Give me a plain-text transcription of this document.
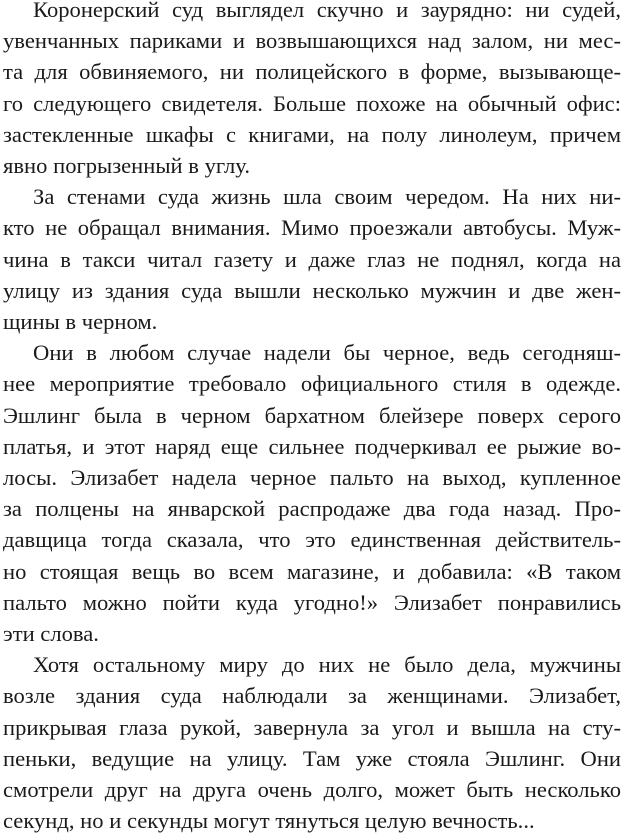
Коронерский суд выглядел скучно и заурядно: ни судей,
увенчанных париками и возвышающихся над залом, ни мес-
та для обвиняемого, ни полицейского в форме, вызывающе-
го следующего свидетеля. Больше похоже на обычный офис:
застекленные шкафы с книгами, на полу линолеум, причем
явно погрызенный в углу.
За стенами суда жизнь шла своим чередом. На них ни-
кто не обращал внимания. Мимо проезжали автобусы. Муж-
чина в такси читал газету и даже глаз не поднял, когда на
улицу из здания суда вышли несколько мужчин и две жен-
щины в черном.
Они в любом случае надели бы черное, ведь сегодняш-
нее мероприятие требовало официального стиля в одежде.
Эшлинг была в черном бархатном блейзере поверх серого
платья, и этот наряд еще сильнее подчеркивал ее рыжие во-
лосы. Элизабет надела черное пальто на выход, купленное
за полцены на январской распродаже два года назад. Про-
давщица тогда сказала, что это единственная действитель-
но стоящая вещь во всем магазине, и добавила: «В таком
пальто можно пойти куда угодно!» Элизабет понравились
эти слова.
Хотя остальному миру до них не было дела, мужчины
возле здания суда наблюдали за женщинами. Элизабет,
прикрывая глаза рукой, завернула за угол и вышла на сту-
пеньки, ведущие на улицу. Там уже стояла Эшлинг. Они
смотрели друг на друга очень долго, может быть несколько
секунд, но и секунды могут тянуться целую вечность...
